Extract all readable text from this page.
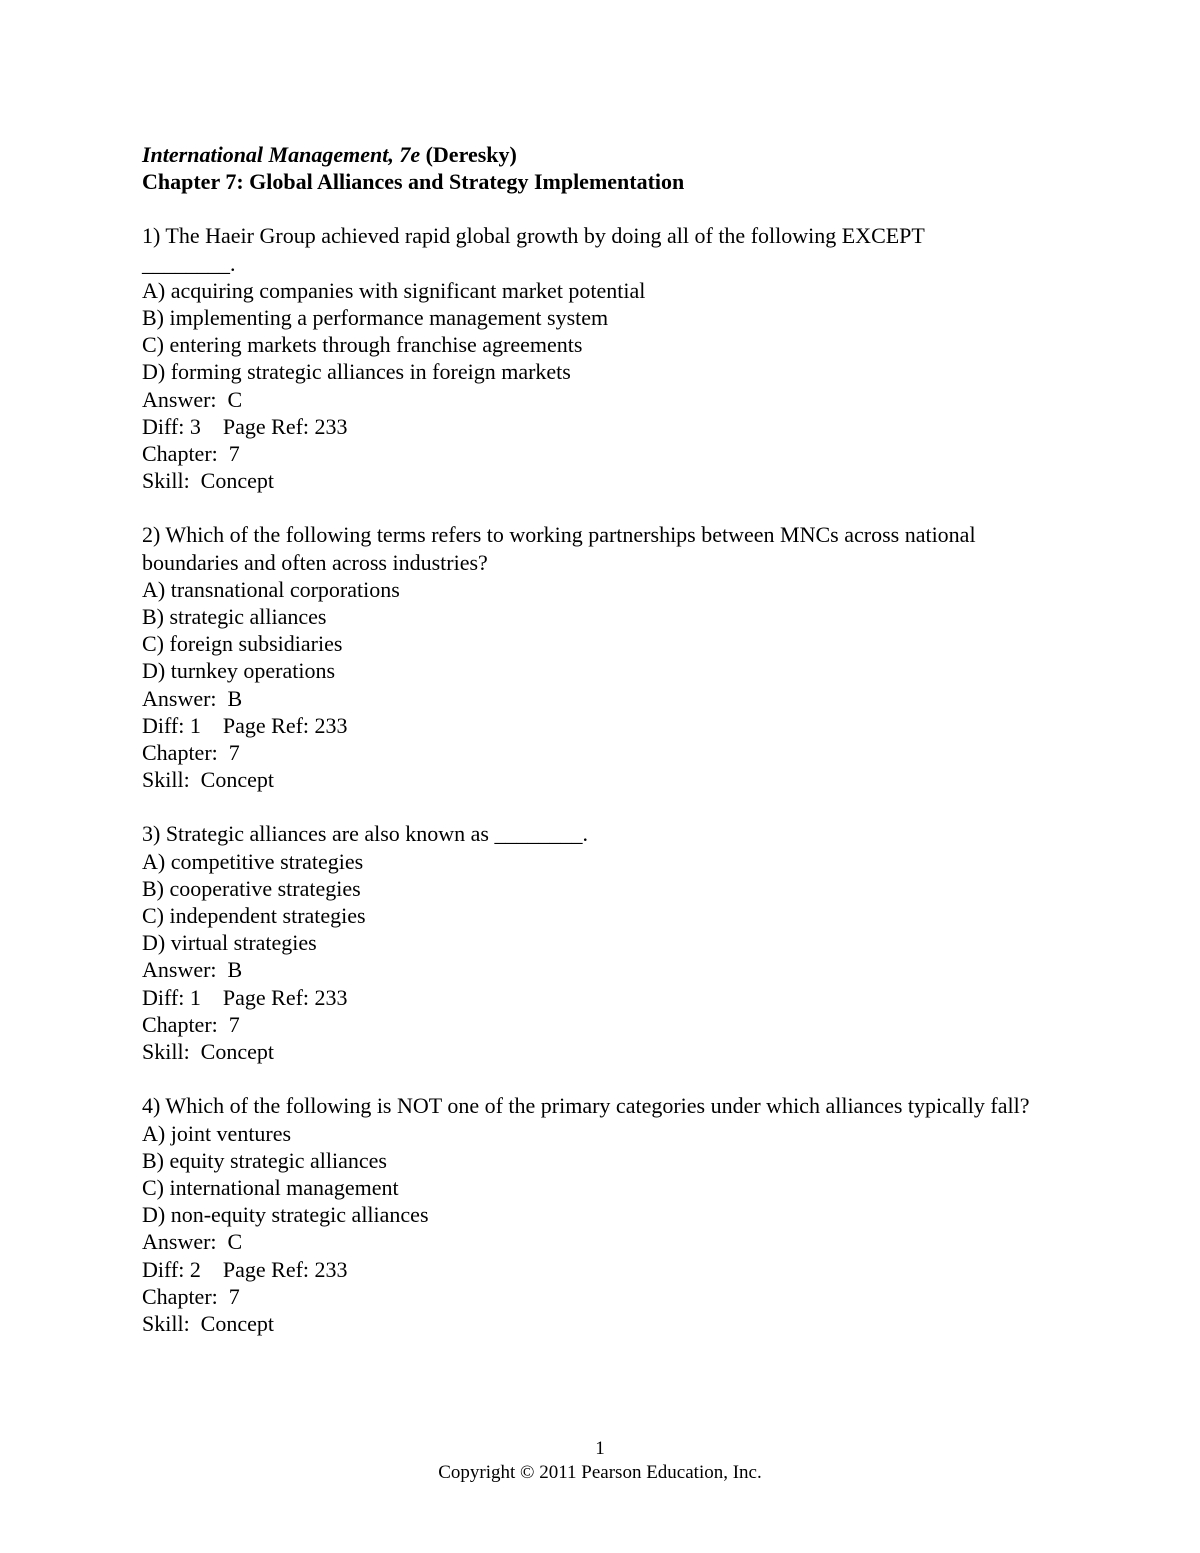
International Management, 7e (Deresky)
Chapter 7: Global Alliances and Strategy Implementation
1) The Haeir Group achieved rapid global growth by doing all of the following EXCEPT
________.
A) acquiring companies with significant market potential
B) implementing a performance management system
C) entering markets through franchise agreements
D) forming strategic alliances in foreign markets
Answer:  C
Diff: 3 Page Ref: 233
Chapter:  7
Skill:  Concept
2) Which of the following terms refers to working partnerships between MNCs across national boundaries and often across industries?
A) transnational corporations
B) strategic alliances
C) foreign subsidiaries
D) turnkey operations
Answer:  B
Diff: 1 Page Ref: 233
Chapter:  7
Skill:  Concept
3) Strategic alliances are also known as ________.
A) competitive strategies
B) cooperative strategies
C) independent strategies
D) virtual strategies
Answer:  B
Diff: 1 Page Ref: 233
Chapter:  7
Skill:  Concept
4) Which of the following is NOT one of the primary categories under which alliances typically fall?
A) joint ventures
B) equity strategic alliances
C) international management
D) non-equity strategic alliances
Answer:  C
Diff: 2 Page Ref: 233
Chapter:  7
Skill:  Concept
1
Copyright © 2011 Pearson Education, Inc.
